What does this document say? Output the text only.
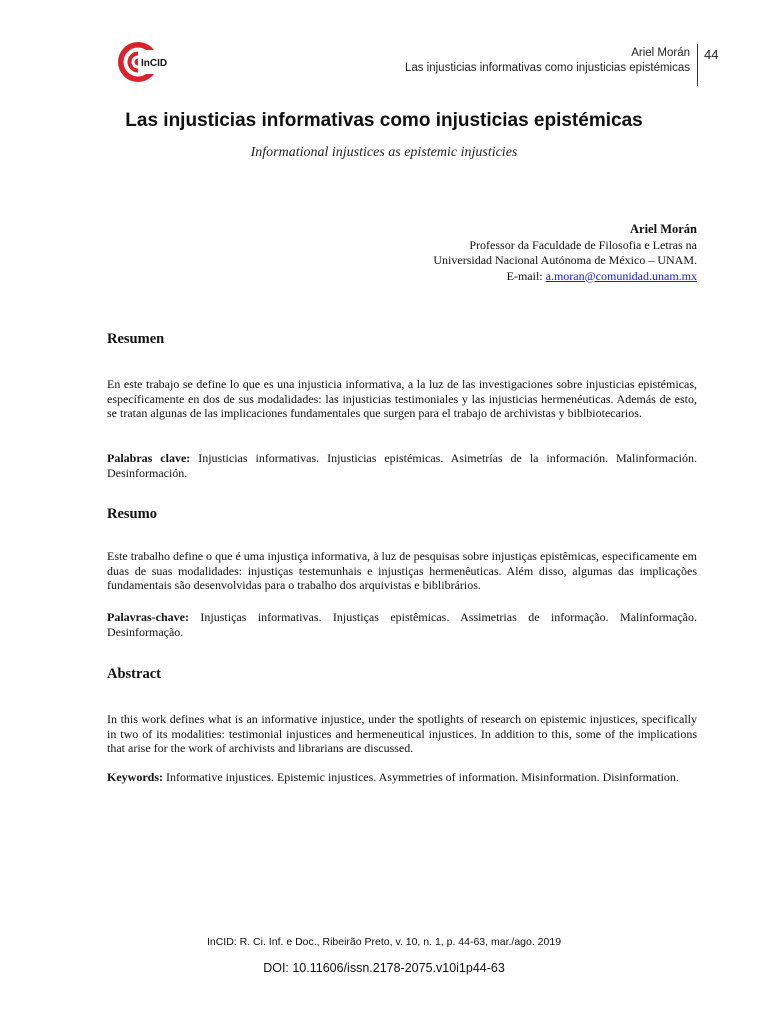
InCID
Ariel Morán
Las injusticias informativas como injusticias epistémicas
44
Las injusticias informativas como injusticias epistémicas
Informational injustices as epistemic injusticies
Ariel Morán
Professor da Faculdade de Filosofia e Letras na
Universidad Nacional Autónoma de México – UNAM.
E-mail: a.moran@comunidad.unam.mx
Resumen
En este trabajo se define lo que es una injusticia informativa, a la luz de las investigaciones sobre injusticias epistémicas, específicamente en dos de sus modalidades: las injusticias testimoniales y las injusticias hermenéuticas. Además de esto, se tratan algunas de las implicaciones fundamentales que surgen para el trabajo de archivistas y biblbiotecarios.
Palabras clave: Injusticias informativas. Injusticias epistémicas. Asimetrías de la información. Malinformación. Desinformación.
Resumo
Este trabalho define o que é uma injustiça informativa, à luz de pesquisas sobre injustiças epistêmicas, especificamente em duas de suas modalidades: injustiças testemunhais e injustiças hermenêuticas. Além disso, algumas das implicações fundamentais são desenvolvidas para o trabalho dos arquivistas e biblibrários.
Palavras-chave: Injustiças informativas. Injustiças epistêmicas. Assimetrias de informação. Malinformação. Desinformação.
Abstract
In this work defines what is an informative injustice, under the spotlights of research on epistemic injustices, specifically in two of its modalities: testimonial injustices and hermeneutical injustices. In addition to this, some of the implications that arise for the work of archivists and librarians are discussed.
Keywords: Informative injustices. Epistemic injustices. Asymmetries of information. Misinformation. Disinformation.
InCID: R. Ci. Inf. e Doc., Ribeirão Preto, v. 10, n. 1, p. 44-63, mar./ago. 2019
DOI: 10.11606/issn.2178-2075.v10i1p44-63
